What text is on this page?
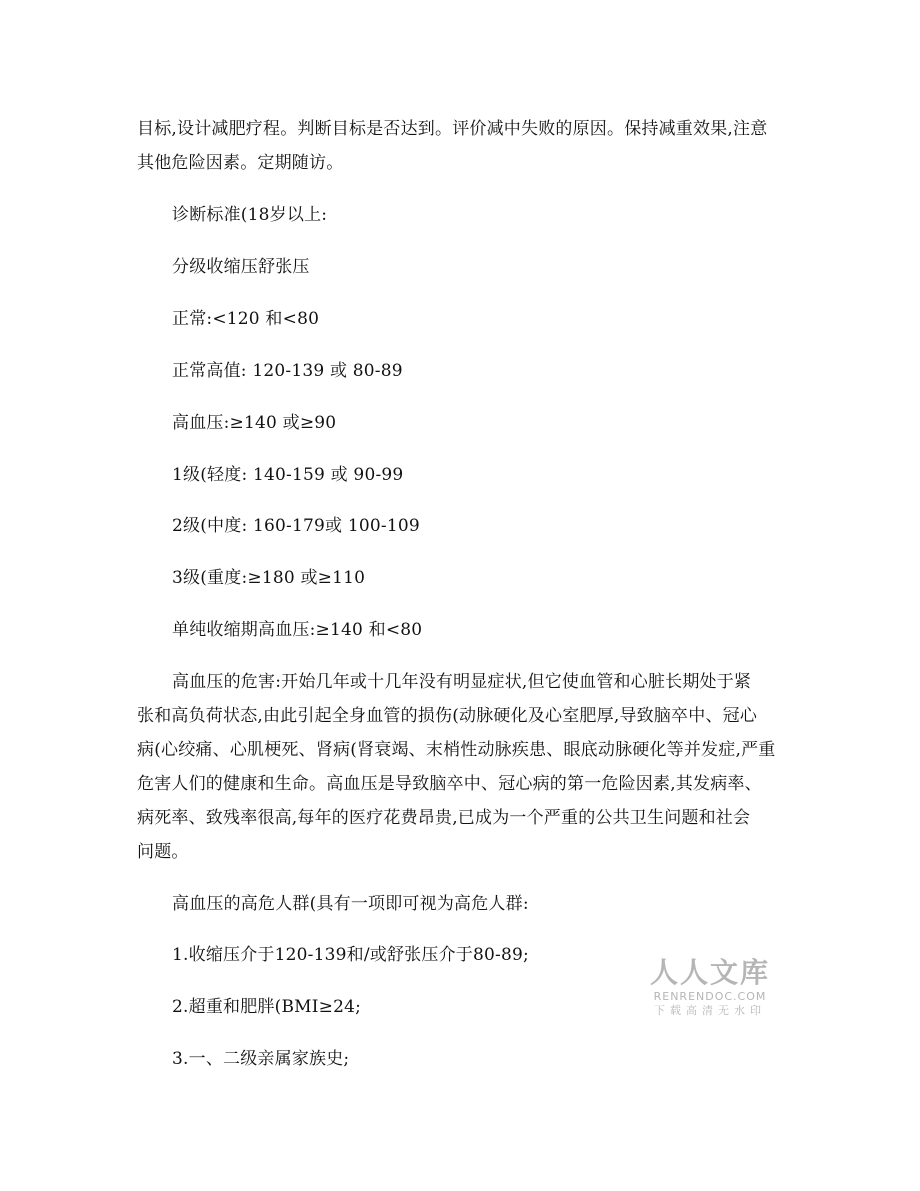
目标,设计减肥疗程。判断目标是否达到。评价减中失败的原因。保持减重效果,注意
其他危险因素。定期随访。
诊断标准(18岁以上:
分级收缩压舒张压
正常:<120 和<80
正常高值: 120-139 或 80-89
高血压:≥140 或≥90
1级(轻度: 140-159 或 90-99
2级(中度: 160-179或 100-109
3级(重度:≥180 或≥110
单纯收缩期高血压:≥140 和<80
高血压的危害:开始几年或十几年没有明显症状,但它使血管和心脏长期处于紧
张和高负荷状态,由此引起全身血管的损伤(动脉硬化及心室肥厚,导致脑卒中、冠心
病(心绞痛、心肌梗死、肾病(肾衰竭、末梢性动脉疾患、眼底动脉硬化等并发症,严重
危害人们的健康和生命。高血压是导致脑卒中、冠心病的第一危险因素,其发病率、
病死率、致残率很高,每年的医疗花费昂贵,已成为一个严重的公共卫生问题和社会
问题。
高血压的高危人群(具有一项即可视为高危人群:
1.收缩压介于120-139和/或舒张压介于80-89;
2.超重和肥胖(BMI≥24;
3.一、二级亲属家族史;
人人文库
RENRENDOC.COM
下载高清无水印
